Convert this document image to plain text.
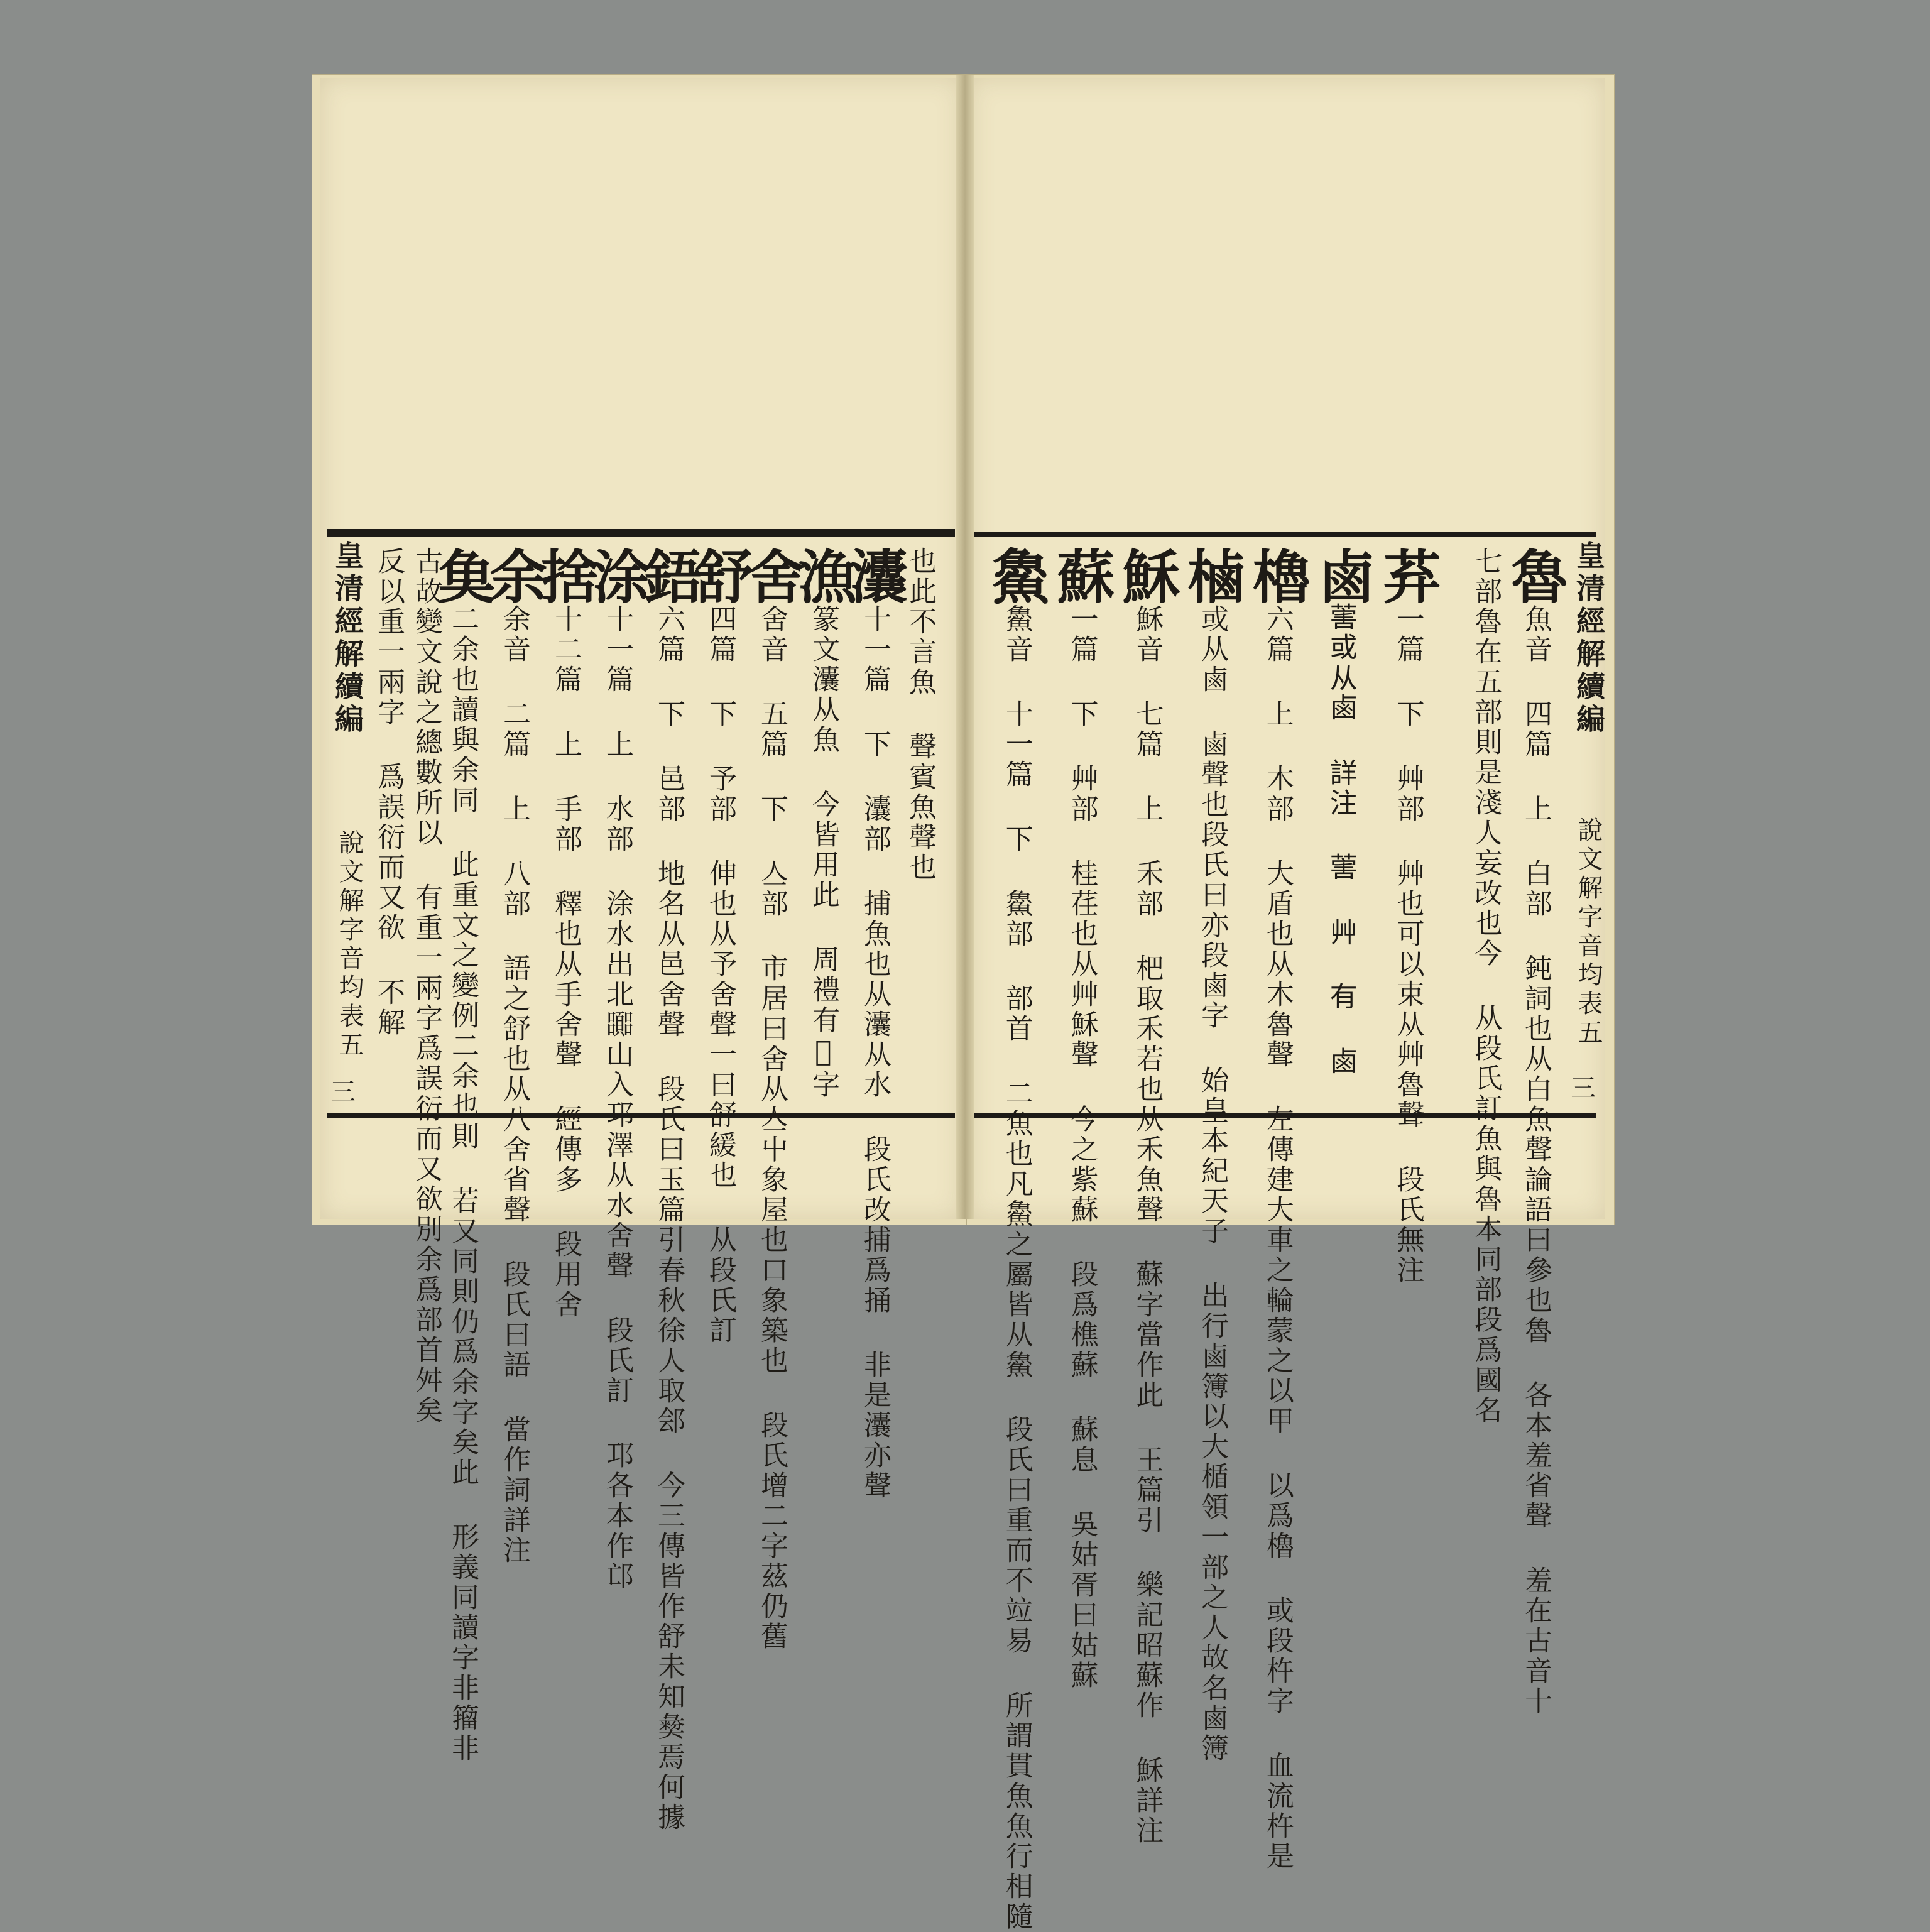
皇清經解續編
說文解字音均表五
也此不言魚 聲賓魚聲也
灢十一篇 下 灢部 捕魚也从灢从水 段氏改捕爲捅 非是灢亦聲
漁篆文灢从魚 今皆用此 周禮有𩹋字
舍舍音 五篇 下 亼部 市居曰舍从亼屮象屋也口象築也 段氏增二字茲仍舊
舒四篇 下 予部 伸也从予舍聲一曰舒緩也 从段氏訂
鋙六篇 下 邑部 地名从邑舍聲 段氏曰玉篇引春秋徐人取郐 今三傳皆作舒未知𢑱焉何據
涂十一篇 上 水部 涂水出北嚻山入邛澤从水舍聲 段氏訂 邛各本作邙
捨十二篇 上 手部 釋也从手舍聲 經傳多 段用舍
余余音 二篇 上 八部 語之舒也从八舍省聲 段氏曰語 當作詞詳注
𩵋二余也讀與余同 此重文之變例二余也則 若又同則仍爲余字矣此 形義同讀字非籀非
古故變文說之總數所以 有重一兩字爲誤衍而又欲別余爲部首舛矣
反以重一兩字 爲誤衍而又欲 不解
三
魯魚音 四篇 上 白部 鈍詞也从白魚聲論語曰參也魯 各本羞省聲 羞在古音十
七部魯在五部則是淺人妄改也今 从段氏訂魚與魯本同部段爲國名
䒪一篇 下 艸部 艸也可以束从艸魯聲 段氏無注
鹵𦵯或从鹵 詳注 𦵯 艸 有 鹵
櫓六篇 上 木部 大盾也从木魯聲 左傳建大車之輪蒙之以甲 以爲櫓 或段杵字 血流杵是
樐或从鹵 鹵聲也段氏曰亦段鹵字 始皇本紀天子 出行鹵簿以大楯領一部之人故名鹵簿
穌穌音 七篇 上 禾部 杷取禾若也从禾魚聲 蘇字當作此 王篇引 樂記昭蘇作 穌詳注
蘇一篇 下 艸部 桂荏也从艸穌聲 今之紫蘇 段爲樵蘇 蘇息 吳姑胥曰姑蘇
𩺰𩺰音 十一篇 下 𩺰部 部首 二魚也凡𩺰之屬皆从𩺰 段氏曰重而不竝易 所謂貫魚魚行相隨	皇清經解續編
說文解字音均表五
三
